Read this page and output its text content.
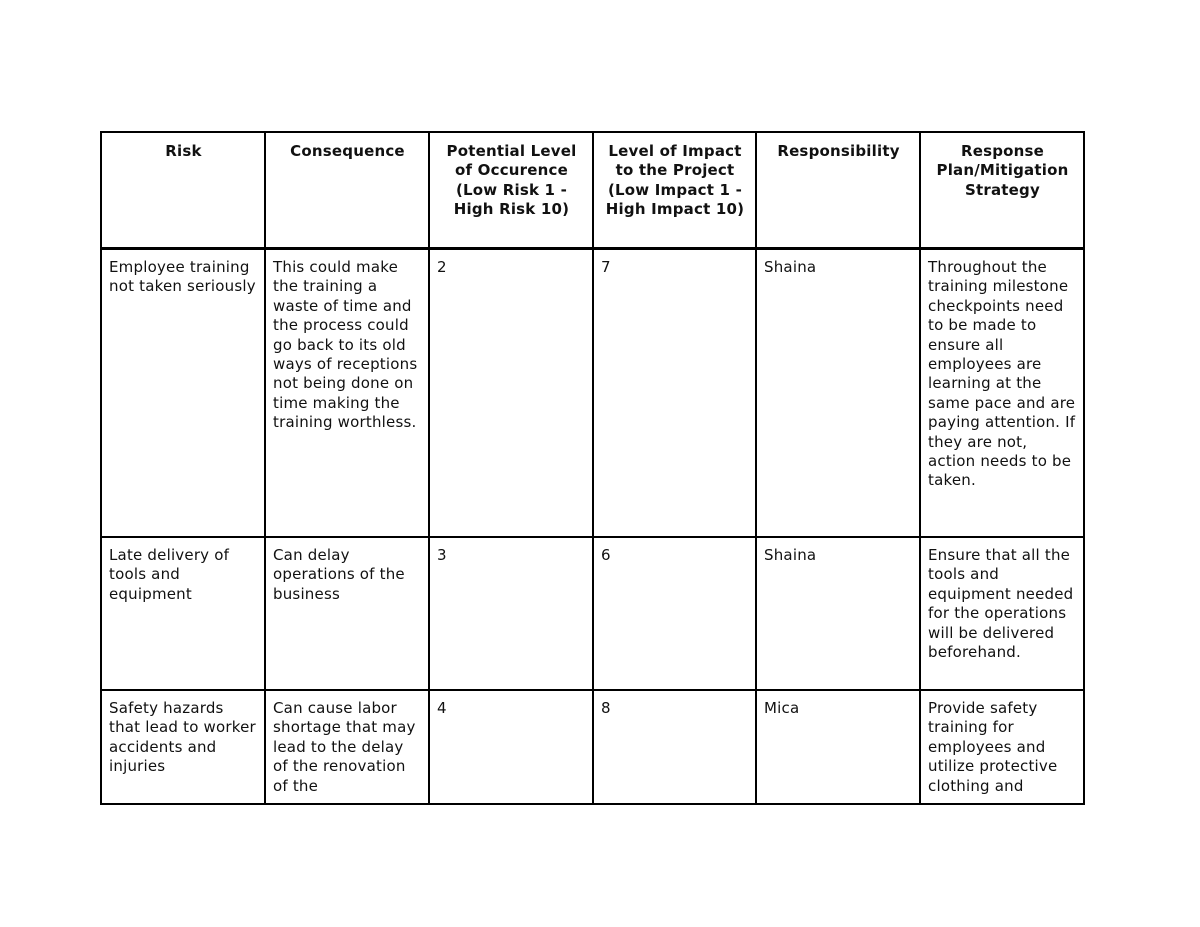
Risk	Consequence	Potential Level of Occurence (Low Risk 1 - High Risk 10)	Level of Impact to the Project (Low Impact 1 - High Impact 10)	Responsibility	Response Plan/Mitigation Strategy
Employee training not taken seriously	This could make the training a waste of time and the process could go back to its old ways of receptions not being done on time making the training worthless.	2	7	Shaina	Throughout the training milestone checkpoints need to be made to ensure all employees are learning at the same pace and are paying attention. If they are not, action needs to be taken.
Late delivery of tools and equipment	Can delay operations of the business	3	6	Shaina	Ensure that all the tools and equipment needed for the operations will be delivered beforehand.
Safety hazards that lead to worker accidents and injuries	Can cause labor shortage that may lead to the delay of the renovation of the	4	8	Mica	Provide safety training for employees and utilize protective clothing and
